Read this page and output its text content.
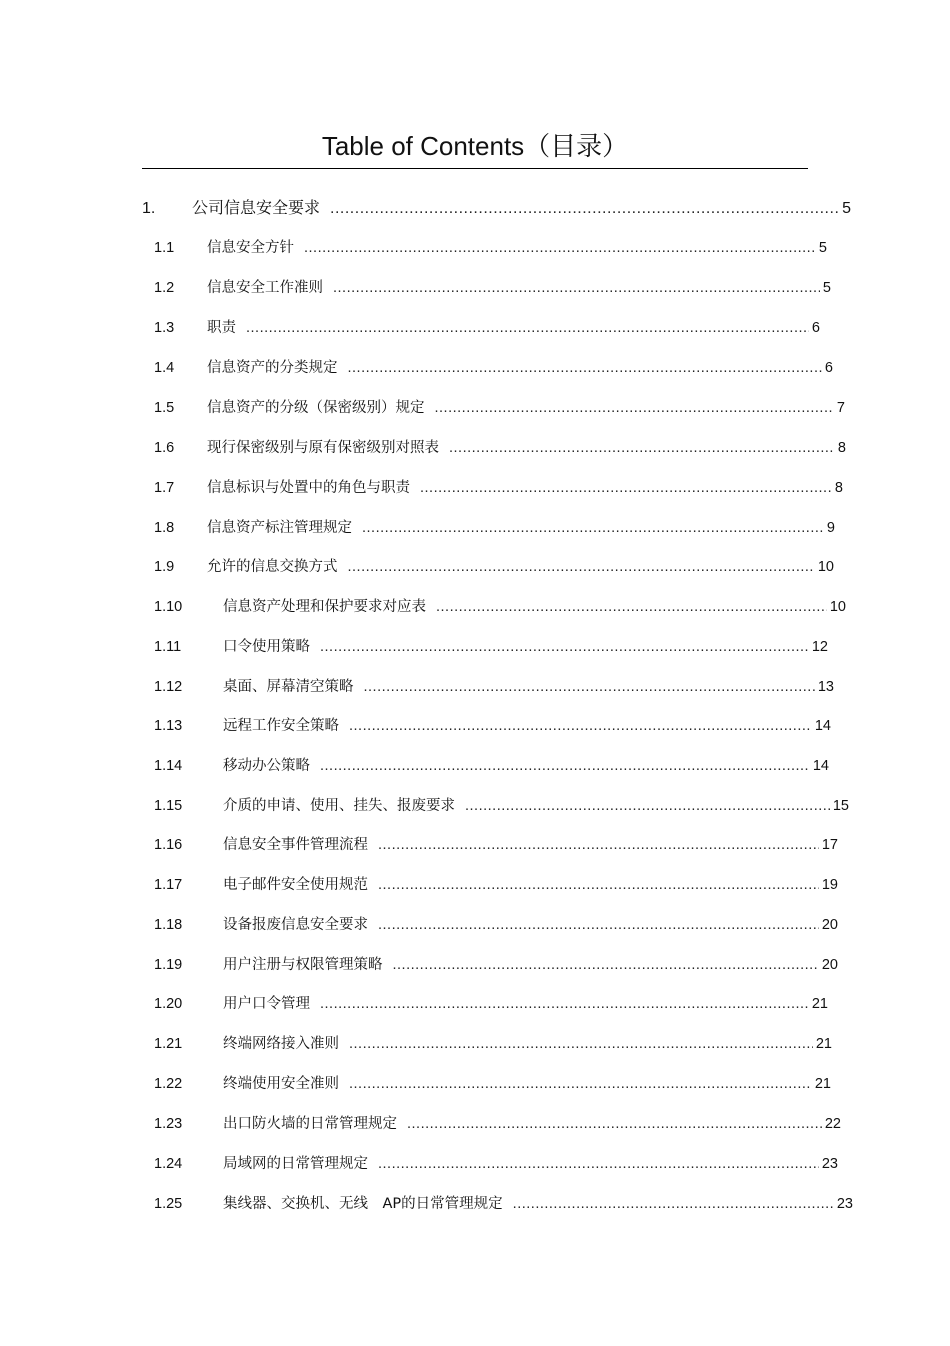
Table of Contents（目录）
1.	公司信息安全要求 .....	5
1.1	信息安全方针 .....	5
1.2	信息安全工作准则 .....	5
1.3	职责 .....	6
1.4	信息资产的分类规定 .....	6
1.5	信息资产的分级（保密级别）规定 .....	7
1.6	现行保密级别与原有保密级别对照表 .....	8
1.7	信息标识与处置中的角色与职责 .....	8
1.8	信息资产标注管理规定 .....	9
1.9	允许的信息交换方式 .....	10
1.10	信息资产处理和保护要求对应表 .....	10
1.11	口令使用策略 .....	12
1.12	桌面、屏幕清空策略 .....	13
1.13	远程工作安全策略 .....	14
1.14	移动办公策略 .....	14
1.15	介质的申请、使用、挂失、报废要求 .....	15
1.16	信息安全事件管理流程 .....	17
1.17	电子邮件安全使用规范 .....	19
1.18	设备报废信息安全要求 .....	20
1.19	用户注册与权限管理策略 .....	20
1.20	用户口令管理 .....	21
1.21	终端网络接入准则 .....	21
1.22	终端使用安全准则 .....	21
1.23	出口防火墙的日常管理规定 .....	22
1.24	局域网的日常管理规定 .....	23
1.25	集线器、交换机、无线　AP的日常管理规定 .....	23
